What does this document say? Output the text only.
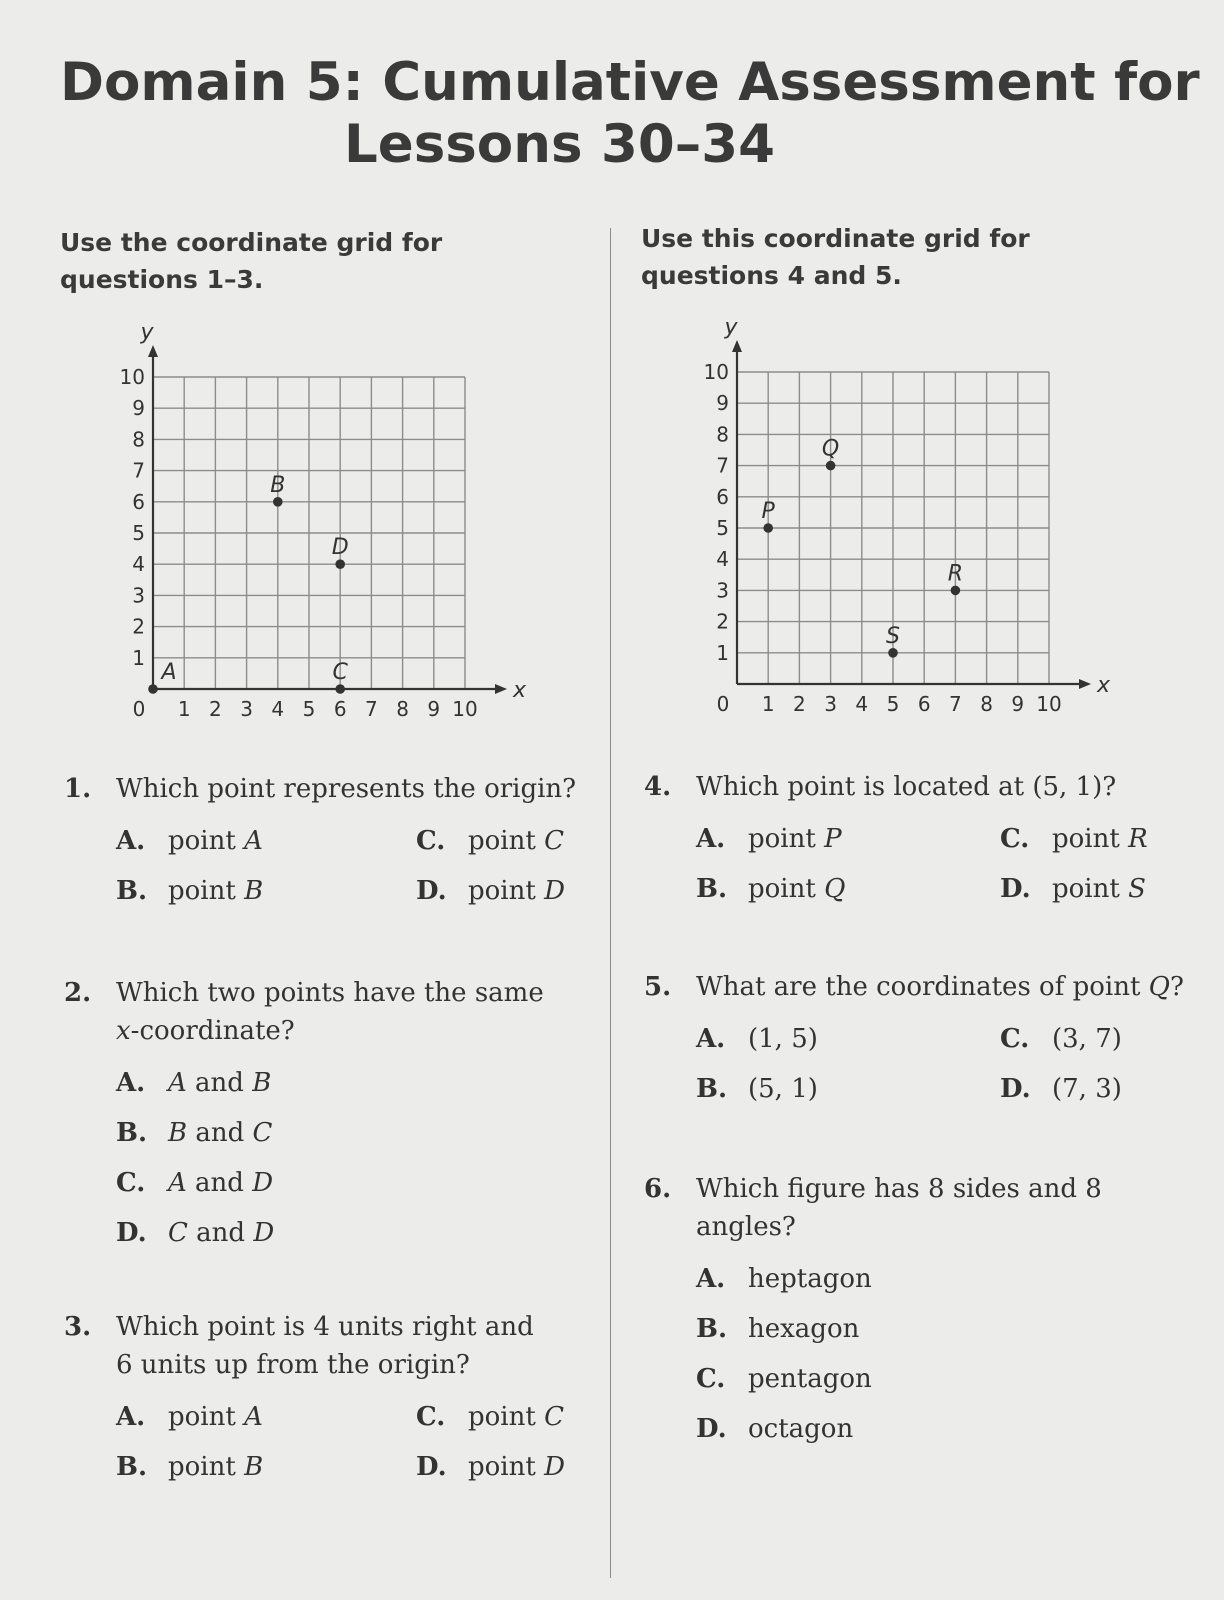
Domain 5: Cumulative Assessment for
Lessons 30–34
Use the coordinate grid for
questions 1–3.
Use this coordinate grid for
questions 4 and 5.
x
y
0 1 2 3 4 5 6 7 8 9 10
1
2
3
4
5
6
7
8
9
10
A
B
C
D
x
y
0 1 2 3 4 5 6 7 8 9 10
1
2
3
4
5
6
7
8
9
10
P
Q
R
S
1. Which point represents the origin?
A. point A
B. point B
C. point C
D. point D
2. Which two points have the same
x-coordinate?
A. A and B
B. B and C
C. A and D
D. C and D
3. Which point is 4 units right and
6 units up from the origin?
A. point A
B. point B
C. point C
D. point D
4. Which point is located at (5, 1)?
A. point P
B. point Q
C. point R
D. point S
5. What are the coordinates of point Q?
A. (1, 5)
B. (5, 1)
C. (3, 7)
D. (7, 3)
6. Which figure has 8 sides and 8 angles?
A. heptagon
B. hexagon
C. pentagon
D. octagon
